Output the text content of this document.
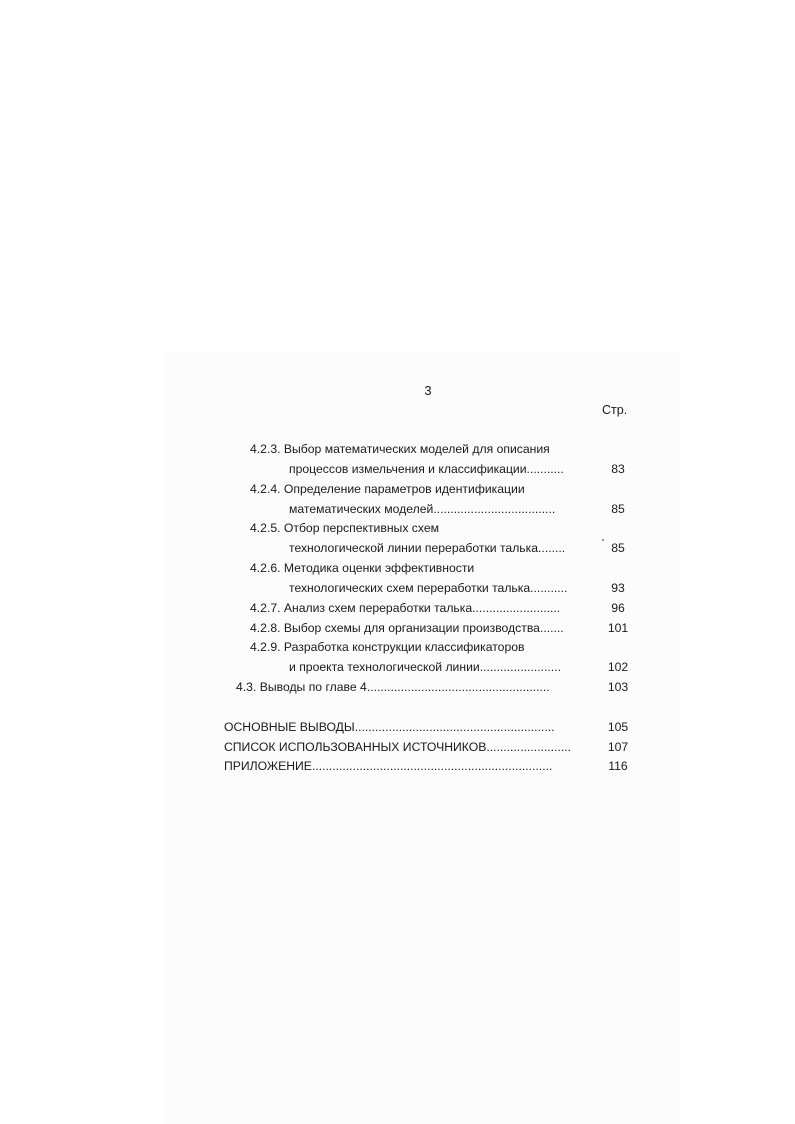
3
Стр.
4.2.3. Выбор математических моделей для описания
процессов измельчения и классификации...........	83
4.2.4. Определение параметров идентификации
математических моделей....................................	85
4.2.5. Отбор перспективных схем
технологической линии переработки талька........	85
4.2.6. Методика оценки эффективности
технологических схем переработки талька...........	93
4.2.7. Анализ схем переработки талька..........................	96
4.2.8. Выбор схемы для организации производства.......	101
4.2.9. Разработка конструкции классификаторов
и проекта технологической линии........................	102
4.3. Выводы по главе 4......................................................	103
ОСНОВНЫЕ ВЫВОДЫ...........................................................	105
СПИСОК ИСПОЛЬЗОВАННЫХ ИСТОЧНИКОВ.........................	107
ПРИЛОЖЕНИЕ.......................................................................	116
